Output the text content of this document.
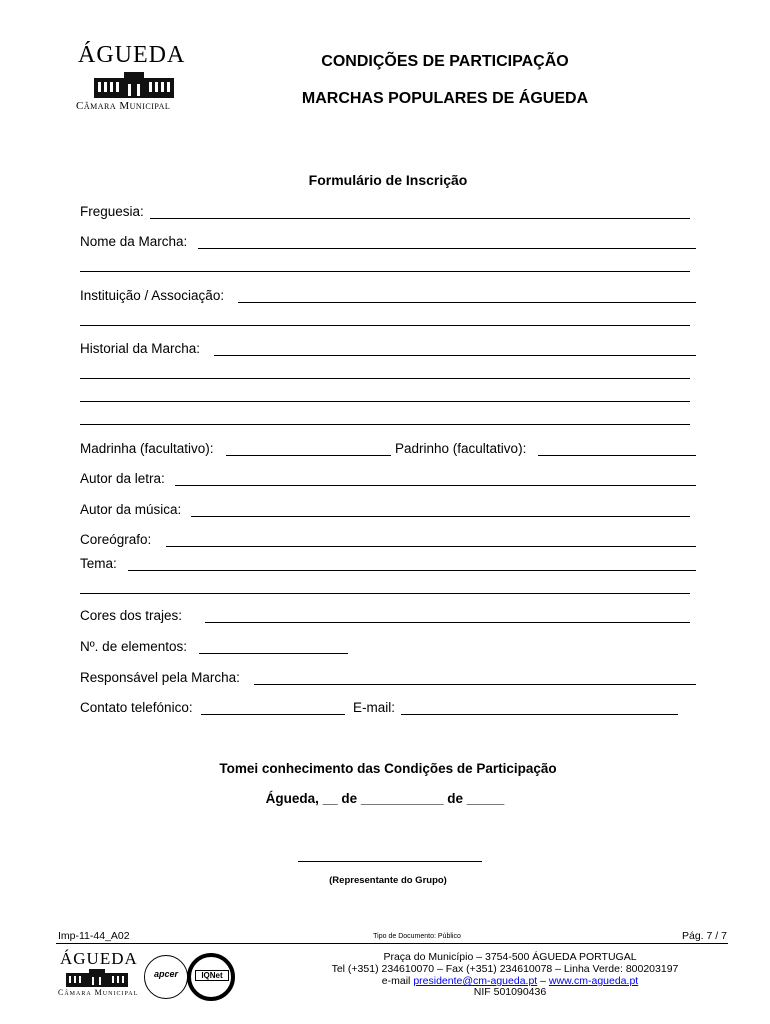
ÁGUEDA
Câmara Municipal
CONDIÇÕES DE PARTICIPAÇÃO
MARCHAS POPULARES DE ÁGUEDA
Formulário de Inscrição
Freguesia:
Nome da Marcha:
Instituição / Associação:
Historial da Marcha:
Madrinha (facultativo):	Padrinho (facultativo):
Autor da letra:
Autor da música:
Coreógrafo:
Tema:
Cores dos trajes:
Nº. de elementos:
Responsável pela Marcha:
Contato telefónico:	E-mail:
Tomei conhecimento das Condições de Participação
Águeda, __ de ___________ de _____
(Representante do Grupo)
Imp-11-44_A02	Tipo de Documento: Público	Pág. 7 / 7
ÁGUEDA
Câmara Municipal
apcer	IQNet
Praça do Município – 3754-500 ÁGUEDA PORTUGAL
Tel (+351) 234610070 – Fax (+351) 234610078 – Linha Verde: 800203197
e-mail presidente@cm-agueda.pt – www.cm-agueda.pt
NIF 501090436
